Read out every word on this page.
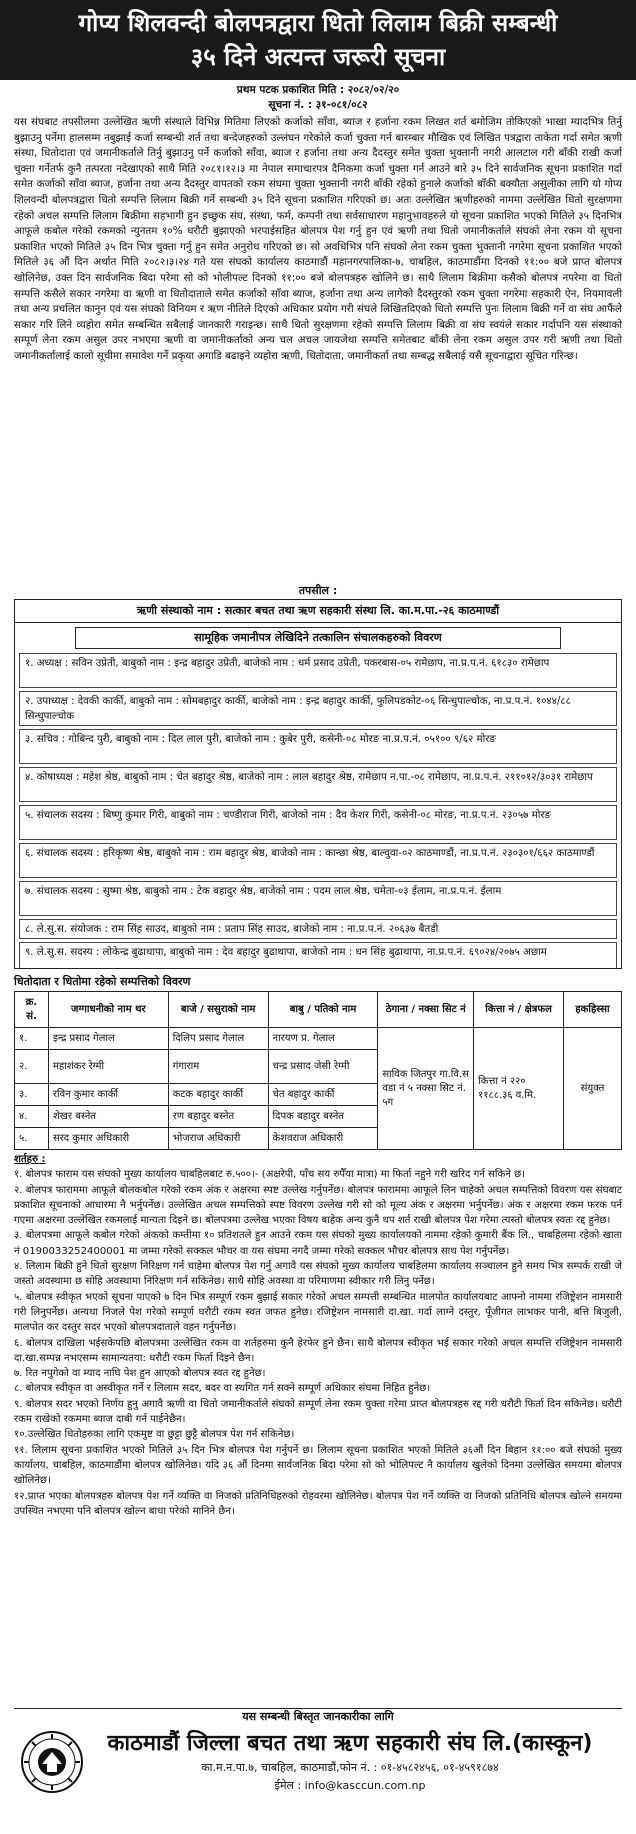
गोप्य शिलवन्दी बोलपत्रद्वारा धितो लिलाम बिक्री सम्बन्धी
३५ दिने अत्यन्त जरूरी सूचना
प्रथम पटक प्रकाशित मिति : २०८२/०२/२०
सूचना नं. : ३१-०८१/०८२
यस संघबाट तपसीलमा उल्लेखित ऋणी संस्थाले विभिन्न मितिमा लिएको कर्जाको साँवा, ब्याज र हर्जाना रकम लिखत शर्त बमोजिम तोकिएको भाखा म्यादभित्र तिर्नु बुझाउनु पर्नेमा हालसम्म नबुझाई कर्जा सम्बन्धी शर्त तथा बन्देजहरुको उल्लंघन गरेकोले कर्जा चुक्ता गर्न बारम्बार मौखिक एवं लिखित पत्रद्वारा ताकेता गर्दा समेत ऋणी संस्था, धितोदाता एवं जमानीकर्ताले तिर्नु बुझाउनु पर्ने कर्जाको साँवा, ब्याज र हर्जाना तथा अन्य दैदस्तुर समेत चुक्ता भुक्तानी नगरी आलटाल गरी बाँकी राखी कर्जा चुक्ता गर्नेतर्फ कुनै तत्परता नदेखाएको साथै मिति २०८१।१२।३ मा नेपाल समाचारपत्र दैनिकमा कर्जा चुक्ता गर्न आउने बारे ३५ दिने सार्वजनिक सूचना प्रकाशित गर्दा समेत कर्जाको साँवा ब्याज, हर्जाना तथा अन्य दैदस्तुर वापतको रकम संघमा चुक्ता भुक्तानी नगरी बाँकी रहेको हुनाले कर्जाको बाँकी बक्यौता असुलीका लागि यो गोप्य शिलवन्दी बोलपत्रद्वारा धितो सम्पत्ति लिलाम बिक्री गर्ने सम्बन्धी ३५ दिने सूचना प्रकाशित गरिएको छ। अतः उल्लेखित ऋणीहरुको नाममा उल्लेखित धितो सुरक्षणमा रहेको अचल सम्पत्ति लिलाम बिक्रीमा सहभागी हुन इच्छुक संघ, संस्था, फर्म, कम्पनी तथा सर्वसाधारण महानुभावहरुले यो सूचना प्रकाशित भएको मितिले ३५ दिनभित्र आफूले कबोल गरेको रकमको न्युनतम १०% धरौटी बुझाएको भरपाईसहित बोलपत्र पेश गर्नु हुन एवं ऋणी तथा धितो जमानीकर्ताले संघको लेना रकम यो सूचना प्रकाशित भएको मितिले ३५ दिन भित्र चुक्ता गर्नु हुन समेत अनुरोध गरिएको छ। सो अवधिभित्र पनि संघको लेना रकम चुक्ता भुक्तानी नगरेमा सूचना प्रकाशित भएको मितिले ३६ औं दिन अर्थात मिति २०८२।३।२४ गते यस संघको कार्यालय काठमाडौं महानगरपालिका-७, चाबहिल, काठमाडौंमा दिनको ११:०० बजे प्राप्त बोलपत्र खोलिनेछ, उक्त दिन सार्वजनिक बिदा परेमा सो को भोलीपल्ट दिनको ११:०० बजे बोलपत्रहरु खोलिने छ। साथै लिलाम बिक्रीमा कसैको बोलपत्र नपरेमा वा धितो सम्पत्ति कसैले सकार नगरेमा वा ऋणी वा धितोदाताले समेत कर्जाको साँवा ब्याज, हर्जाना तथा अन्य लागेको दैदस्तुरको रकम चुक्ता नगरेमा सहकारी ऐन, नियमावली तथा अन्य प्रचलित कानुन एवं यस संघको विनियम र ऋण नीतिले दिएको अधिकार प्रयोग गरी संघले लिखितदिएको धितो सम्पत्ति पुनः लिलाम बिक्री गर्ने वा संघ आफैंले सकार गरि लिने व्यहोरा समेत सम्बन्धित सबैलाई जानकारी गराइन्छ। साथै धितो सुरक्षणमा रहेको सम्पत्ति लिलाम बिक्री वा संघ स्वयंले सकार गर्दापनि यस संस्थाको सम्पूर्ण लेना रकम असुल उपर नभएमा ऋणी वा जमानीकर्ताको अन्य चल अचल जायजेथा सम्पत्ति समेतबाट बाँकी लेना रकम असुल उपर गरी ऋणी तथा धितो जमानीकर्तालाई कालो सूचीमा समावेश गर्ने प्रकृया अगाडि बढाइने व्यहोरा ऋणी, धितोदाता, जमानीकर्ता तथा सम्बद्ध सबैलाई यसै सूचनाद्वारा सूचित गरिन्छ।
तपसील :
ऋणी संस्थाको नाम : सत्कार बचत तथा ऋण सहकारी संस्था लि. का.म.पा.-२६ काठमाण्डौं
सामूहिक जमानीपत्र लेखिदिने तत्कालिन संचालकहरुको विवरण
१. अध्यक्ष : सविन उप्रेती, बाबुको नाम : इन्द्र बहादुर उप्रेती, बाजेको नाम : धर्म प्रसाद उप्रेती, पकरबास-०५ रामेछाप, ना.प्र.प.नं. ६१८३० रामेछाप
२. उपाध्यक्ष : देवकी कार्की, बाबुको नाम : सोमबहादुर कार्की, बाजेको नाम : इन्द्र बहादुर कार्की, फुलिपडकोट-०६ सिन्धुपाल्चोक, ना.प्र.प.नं. १०४४/८८ सिन्धुपाल्चोक
३. सचिव : गोबिन्द पुरी, बाबुको नाम : दिल लाल पुरी, बाजेको नाम : कुबेर पुरी, कसेनी-०८ मोरङ ना.प्र.प.नं. ०५१०० ९/६२ मोरङ
४. कोषाध्यक्ष : महेश श्रेष्ठ, बाबुको नाम : चेत बहादुर श्रेष्ठ, बाजेको नाम : लाल बहादुर श्रेष्ठ, रामेछाप न.पा.-०८ रामेछाप, ना.प्र.प.नं. २११०१२/३०३१ रामेछाप
५. संचालक सदस्य : बिष्णु कुमार गिरी, बाबुको नाम : चण्डीराज गिरी, बाजेको नाम : दैव केशर गिरी, कसेनी-०८ मोरङ, ना.प्र.प.नं. २३०५७ मोरङ
६. संचालक सदस्य : हरिकृष्ण श्रेष्ठ, बाबुको नाम : राम बहादुर श्रेष्ठ, बाजेको नाम : कान्छा श्रेष्ठ, बाल्वुवा-०२ काठमाण्डौं, ना.प्र.प.नं. २३०३०१/६६२ काठमाण्डौं
७. संचालक सदस्य : सुष्मा श्रेष्ठ, बाबुको नाम : टेक बहादुर श्रेष्ठ, बाजेको नाम : पदम लाल श्रेष्ठ, चमेता-०३ ईलाम, ना.प्र.प.नं. ईलाम
८. ले.सु.स. संयोजक : राम सिंह साउद, बाबुको नाम : प्रताप सिंह साउद, बाजेको नाम : ना.प्र.प.नं. २०६३७ बैतडी
९. ले.सु.स. सदस्य : लोकेन्द्र बुढाथापा, बाबुको नाम : देव बहादुर बुढाथापा, बाजेको नाम : धन सिंह बुढाथापा, ना.प्र.प.नं. ६९०२४/२०७५ अछाम
धितोदाता र धितोमा रहेको सम्पत्तिको विवरण
क्र. सं.	जग्गाधनीको नाम थर	बाजे / ससुराको नाम	बाबु / पतिको नाम	ठेगाना / नक्सा सिट नं	कित्ता नं / क्षेत्रफल	हकहिस्सा
१.	इन्द्र प्रसाद गेलाल	दिलिप प्रसाद गेलाल	नारयण प्र. गेलाल	साविक जितपुर गा.वि.स वडा नं ५ नक्सा सिट नं. ५ग	कित्ता नं २२० ११८८.३६ व.मि.	संयुक्त
२.	महाशंकर रेग्मी	गंगाराम	चन्द्र प्रसाद जेसी रेग्मी			
३.	रविन कुमार कार्की	कटक बहादुर कार्की	चेत बहादुर कार्की			
४.	शेखर बस्नेत	रण बहादुर बस्नेत	दिपक बहादुर बस्नेत			
५.	सरद कुमार अधिकारी	भोजराज अधिकारी	केशवराज अधिकारी			
शर्तहरु :
१. बोलपत्र फाराम यस संघको मुख्य कार्यालय चाबहिलबाट रु.५००।- (अक्षरेपी, पाँच सय रुपैँया मात्रा) मा फिर्ता नहुने गरी खरिद गर्न सकिने छ।
२. बोलपत्र फाराममा आफूले बोलकबोल गरेको रकम अंक र अक्षरमा स्पष्ट उल्लेख गर्नुपर्नेछ। बोलपत्र फाराममा आफूले लिन चाहेको अचल सम्पत्तिको विवरण यस संघबाट प्रकाशित सूचनाको आधारमा नै भर्नुपर्नेछ। उल्लेखित अचल सम्पत्तिको स्पष्ट विवरण उल्लेख गरी सो को मूल्य अंक र अक्षरमा भर्नुपर्नेछ। अंक र अक्षरमा रकम फरक पर्न गएमा अक्षरमा उल्लेखित रकमलाई मान्यता दिइने छ। बोलपत्रमा उल्लेख भएका विषय बाहेक अन्य कुनै थप शर्त राखी बोलपत्र पेश गरेमा त्यस्तो बोलपत्र स्वतः रद्द हुनेछ।
३. बोलपत्रमा आफूले कबोल गरेको अंकको कम्तीमा १० प्रतिशतले हुन आउने रकम यस संघको मुख्य कार्यालयको नाममा रहेको कुमारी बैंक लि., चाबहिलमा रहेको खाता नं 0190033252400001 मा जम्मा गरेको सक्कल भौचर वा यस संघमा नगदै जम्मा गरेको सक्कल भौचर बोलपत्र साथ पेश गर्नुपर्नेछ।
४. लिलाम बिक्री हुने धितो सुरक्षण निरिक्षण गर्न चाहेमा बोलपत्र पेश गर्नु अगावै यस संघको मुख्य कार्यालय चाबहिलमा कार्यालय सञ्चालन हुने समय भित्र सम्पर्क राखी जे जस्तो अवस्थामा छ सोहि अवस्थामा निरिक्षण गर्न सकिनेछ। साथै सोहि अवस्था वा परिमाणमा स्वीकार गरी लिनु पर्नेछ।
५. बोलपत्र स्वीकृत भएको सूचना पाएको ७ दिन भित्र सम्पूर्ण रकम बुझाई सकार गरेको अचल सम्पत्ती सम्बन्धित मालपोत कार्यालयबाट आफ्नो नाममा रजिष्ट्रेशन नामसारी गरी लिनुपर्नेछ। अन्यथा निजले पेश गरेको सम्पूर्ण धरौटी रकम स्वत जफत हुनेछ। रजिष्ट्रेशन नामसारी दा.खा. गर्दा लाग्ने दस्तुर, पूँजीगत लाभकर पानी, बत्ति बिजुली, मालपोत कर दस्तुर सदर भएको बोलपत्रदाताले वहन गर्नुपर्नेछ।
६. बोलपत्र दाखिला भईसकेपछि बोलपत्रमा उल्लेखित रकम वा शर्तहरुमा कुनै हेरफेर हुने छैन। साथै बोलपत्र स्वीकृत भई सकार गरेको अचल सम्पत्ति रजिष्ट्रेशन नामसारी दा.खा.सम्पन्न नभएसम्म सामान्यतया: धरौटी रकम फिर्ता दिइने छैन।
७. रित नपुगेको वा म्याद नाघि पेश हुन आएको बोलपत्र स्वत रद्द हुनेछ।
८. बोलपत्र स्वीकृत वा अस्वीकृत गर्ने र लिलाम सदर, बदर वा स्थगित गर्न सक्ने सम्पूर्ण अधिकार संघमा निहित हुनेछ।
९. बोलपत्र सदर भएको निर्णय हुनु अगावै ऋणी वा धितो जमानीकर्ताले संघको सम्पूर्ण लेना रकम चुक्ता गरेमा प्राप्त बोलपत्रहरु रद्द गरी धरौटी फिर्ता दिन सकिनेछ। धरौटी रकम राखेको रकममा ब्याज दाबी गर्न पाईनेछैन।
१०.उल्लेखित धितोहरुका लागि एकमुष्ट वा छुट्टा छुट्टै बोलपत्र पेश गर्न सकिनेछ।
११. लिलाम सूचना प्रकाशित भएको मितिले ३५ दिन भित्र बोलपत्र पेश गर्नुपर्ने छ। लिलाम सूचना प्रकाशित भएको मितिले ३६औं दिन बिहान ११:०० बजे संघको मुख्य कार्यालय, चाबहिल, काठमाडौंमा बोलपत्र खोलिनेछ। यदि ३६ औं दिनमा सार्वजनिक बिदा परेमा सो को भोलिपल्ट नै कार्यालय खुलेको दिनमा उल्लेखित समयमा बोलपत्र खोलिनेछ।
१२.प्राप्त भएका बोलपत्रहरु बोलपत्र पेश गर्ने व्यक्ति वा निजको प्रतिनिधिहरुको रोहवरमा खोलिनेछ। बोलपत्र पेश गर्ने व्यक्ति वा निजको प्रतिनिधि बोलपत्र खोल्ने समयमा उपस्थित नभएमा पनि बोलपत्र खोल्न बाधा परेको मानिने छैन।
यस सम्बन्धी बिस्तृत जानकारीका लागि
काठमाडौं जिल्ला बचत तथा ऋण सहकारी संघ लि.(कास्कून)
का.म.न.पा.७, चाबहिल, काठमाडौं,फोन नं. : ०१-४५८२४५६, ०१-४५९१८७४
ईमेल : info@kasccun.com.np
